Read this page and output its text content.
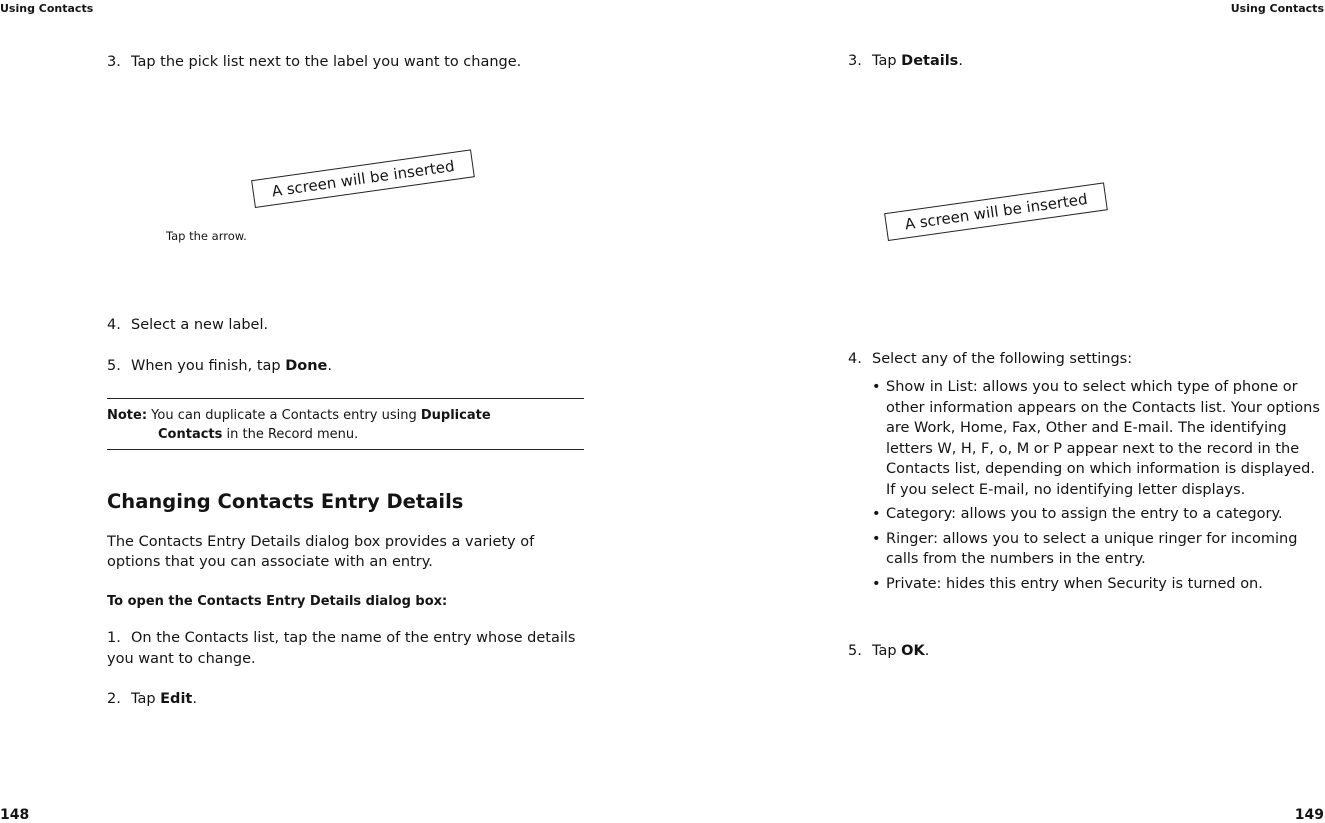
Using Contacts
3. Tap the pick list next to the label you want to change.
A screen will be inserted
Tap the arrow.
4. Select a new label.
5. When you finish, tap Done.
Note: You can duplicate a Contacts entry using Duplicate
Contacts in the Record menu.
Changing Contacts Entry Details
The Contacts Entry Details dialog box provides a variety of options that you can associate with an entry.
To open the Contacts Entry Details dialog box:
1. On the Contacts list, tap the name of the entry whose details you want to change.
2. Tap Edit.
148
Using Contacts
3. Tap Details.
A screen will be inserted
4. Select any of the following settings:
• Show in List: allows you to select which type of phone or other information appears on the Contacts list. Your options are Work, Home, Fax, Other and E-mail. The identifying letters W, H, F, o, M or P appear next to the record in the Contacts list, depending on which information is displayed. If you select E-mail, no identifying letter displays.
• Category: allows you to assign the entry to a category.
• Ringer: allows you to select a unique ringer for incoming calls from the numbers in the entry.
• Private: hides this entry when Security is turned on.
5. Tap OK.
149
